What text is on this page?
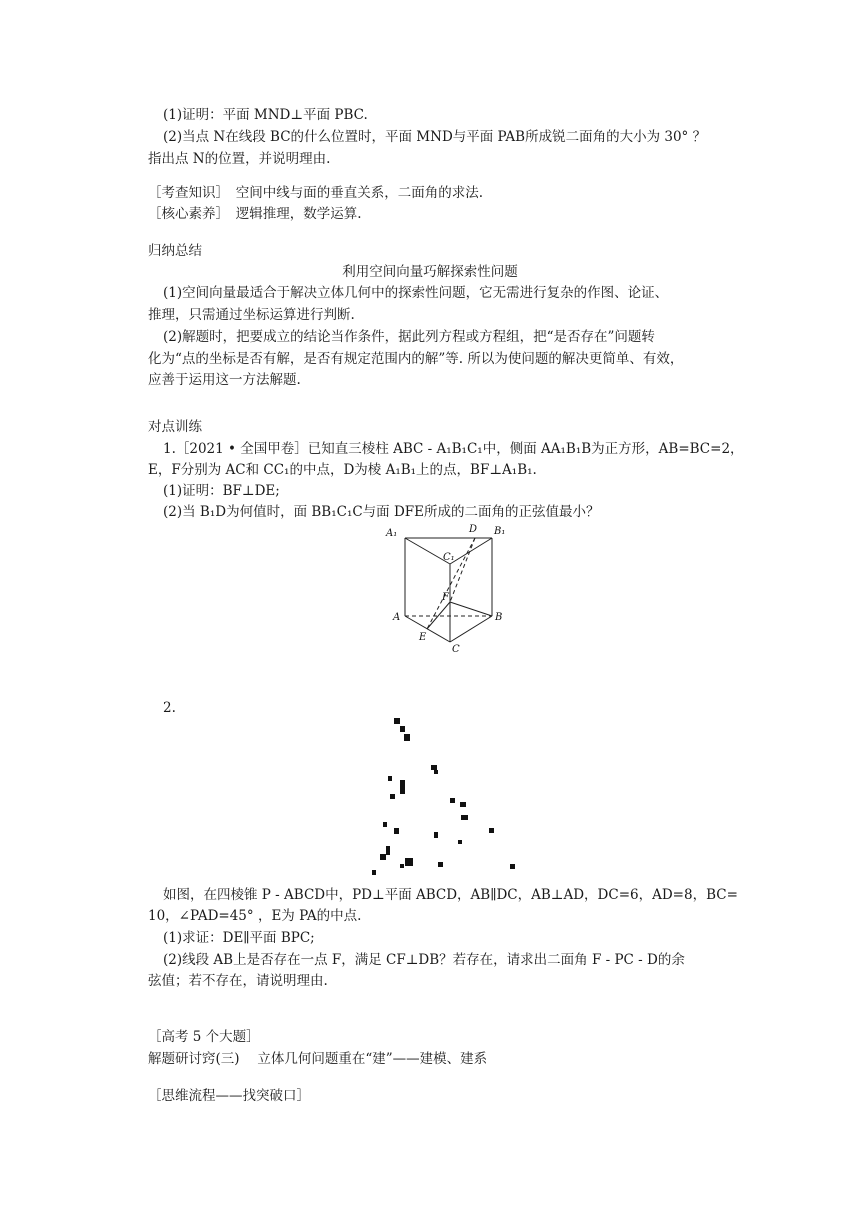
(1)证明：平面 MND⊥平面 PBC.
(2)当点 N在线段 BC的什么位置时，平面 MND与平面 PAB所成锐二面角的大小为 30° ？
指出点 N的位置，并说明理由.
［考查知识］　空间中线与面的垂直关系，二面角的求法.
［核心素养］　逻辑推理，数学运算.
归纳总结
利用空间向量巧解探索性问题
(1)空间向量最适合于解决立体几何中的探索性问题，它无需进行复杂的作图、论证、
推理，只需通过坐标运算进行判断.
(2)解题时，把要成立的结论当作条件，据此列方程或方程组，把“是否存在”问题转
化为“点的坐标是否有解，是否有规定范围内的解”等. 所以为使问题的解决更简单、有效，
应善于运用这一方法解题.
对点训练
1.［2021 • 全国甲卷］已知直三棱柱 ABC - A₁B₁C₁中，侧面 AA₁B₁B为正方形，AB=BC=2，
E，F分别为 AC和 CC₁的中点，D为棱 A₁B₁上的点，BF⊥A₁B₁.
(1)证明：BF⊥DE;
(2)当 B₁D为何值时，面 BB₁C₁C与面 DFE所成的二面角的正弦值最小？
A₁	D B₁
C₁
F
A	B
E
C
2.
如图，在四棱锥 P - ABCD中，PD⊥平面 ABCD，AB∥DC，AB⊥AD，DC=6，AD=8，BC=
10，∠PAD=45° ，E为 PA的中点.
(1)求证：DE∥平面 BPC;
(2)线段 AB上是否存在一点 F，满足 CF⊥DB？若存在，请求出二面角 F - PC - D的余
弦值；若不存在，请说明理由.
［高考 5 个大题］
解题研讨窍(三)　 立体几何问题重在“建”——建模、建系
［思维流程——找突破口］
